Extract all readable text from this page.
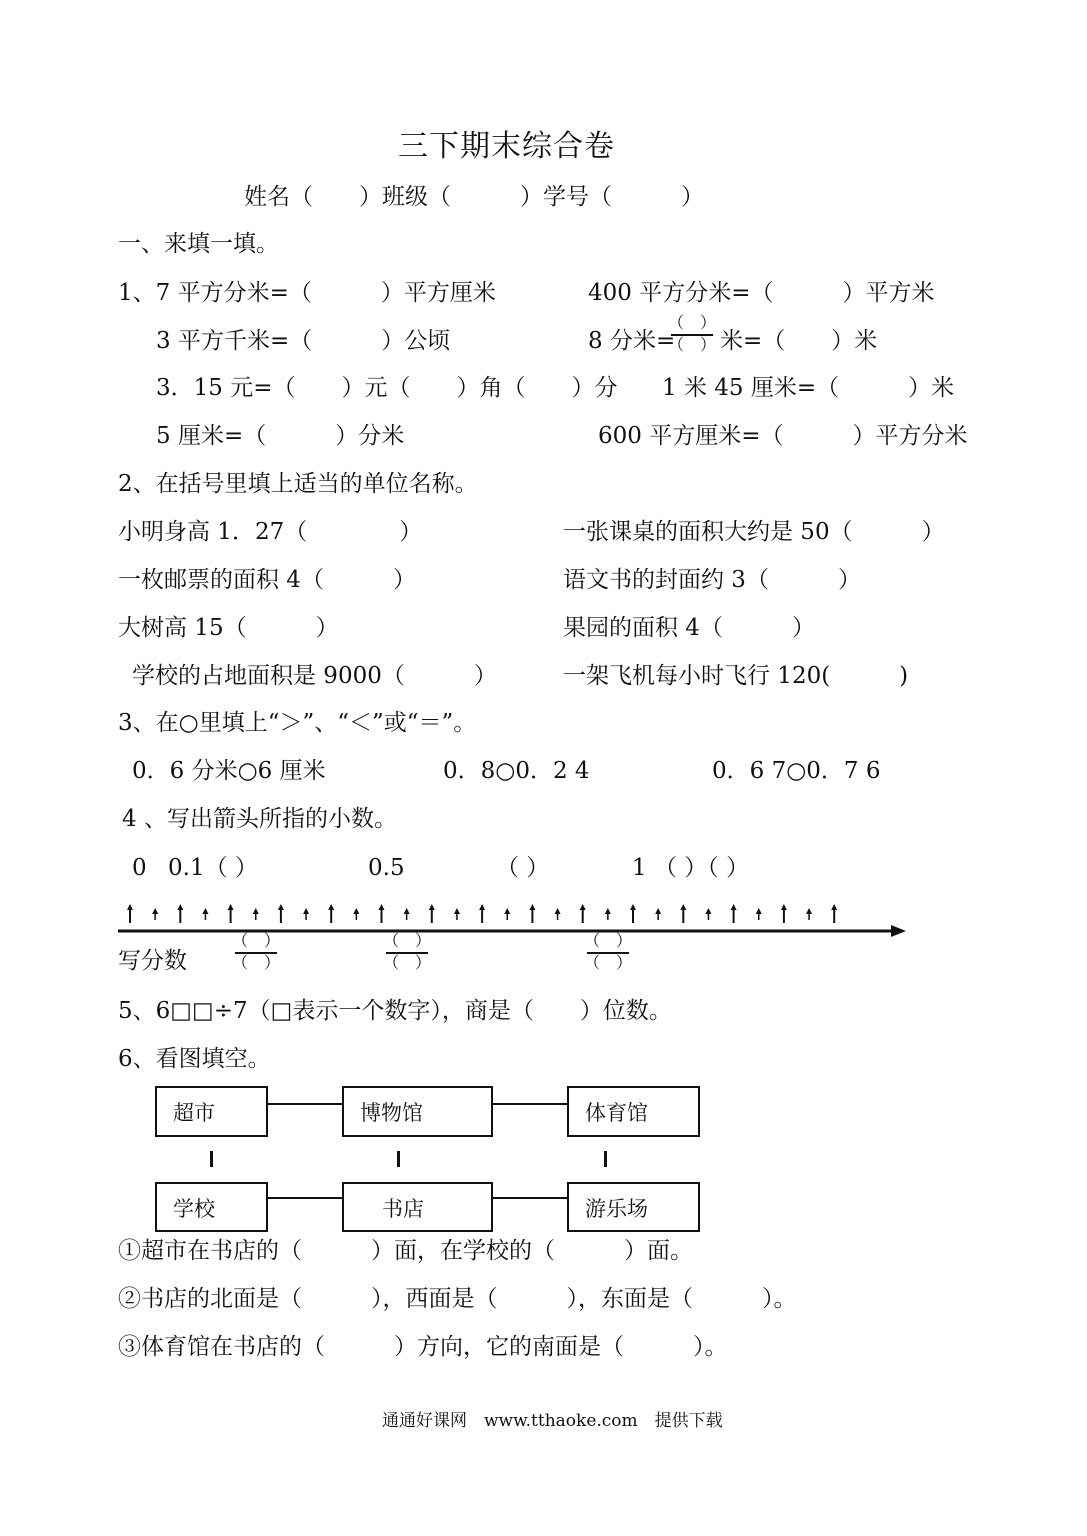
三下期末综合卷
姓名（　　）班级（　　　）学号（　　　）
一、来填一填。
1、7 平方分米=（　　　）平方厘米	400 平方分米=（　　　）平方米
3 平方千米=（　　　）公顷	8 分米=
（　）
（　） 米=（　　）米
3．15 元=（　　）元（　　）角（　　）分 1 米 45 厘米=（　　　）米
5 厘米=（　　　）分米	600 平方厘米=（　　　）平方分米
2、在括号里填上适当的单位名称。
小明身高 1．27（　　　　）	一张课桌的面积大约是 50（　　　）
一枚邮票的面积 4（　　　）	语文书的封面约 3（　　　）
大树高 15（　　　）	果园的面积 4（　　　）
学校的占地面积是 9000（　　　）	一架飞机每小时飞行 120(　　　)
3、在○里填上“＞”、“＜”或“＝”。
0．6 分米○6 厘米	0．8○0．2 4	0．6 7○0．7 6
4 、写出箭头所指的小数。
0 0.1（ ）	0.5	（ ）	1 （ ）（ ）
写分数
（　）
（　）
（　）
（　）
（　）
（　）
5、6□□÷7（□表示一个数字），商是（　　）位数。
6、看图填空。
超市	博物馆	体育馆
学校	书店	游乐场
①超市在书店的（　　　）面，在学校的（　　　）面。
②书店的北面是（　　　），西面是（　　　），东面是（　　　）。
③体育馆在书店的（　　　）方向，它的南面是（　　　）。
通通好课网　www.tthaoke.com　提供下载
